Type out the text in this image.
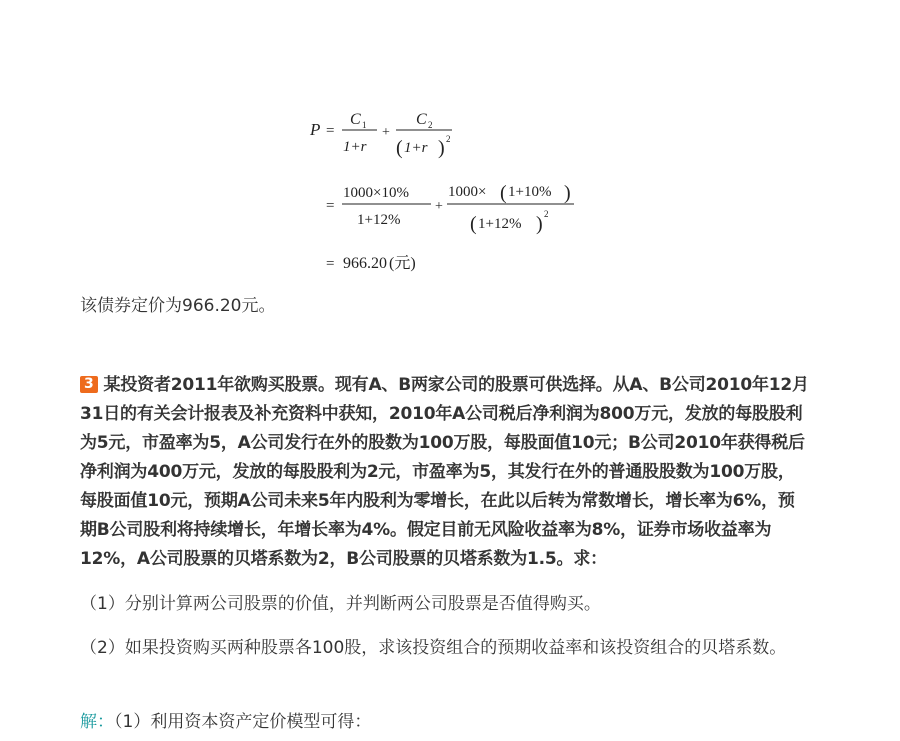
P =
C 1
1+r
+
C 2
( 1+r ) 2
=
1000×10%
1+12%
+
1000× ( 1+10% )
( 1+12% ) 2
= 966.20 (元)

该债券定价为966.20元。

3 某投资者2011年欲购买股票。现有A、B两家公司的股票可供选择。从A、B公司2010年12月31日的有关会计报表及补充资料中获知，2010年A公司税后净利润为800万元，发放的每股股利为5元，市盈率为5，A公司发行在外的股数为100万股，每股面值10元；B公司2010年获得税后净利润为400万元，发放的每股股利为2元，市盈率为5，其发行在外的普通股股数为100万股，每股面值10元，预期A公司未来5年内股利为零增长，在此以后转为常数增长，增长率为6%，预期B公司股利将持续增长，年增长率为4%。假定目前无风险收益率为8%，证券市场收益率为12%，A公司股票的贝塔系数为2，B公司股票的贝塔系数为1.5。求：

（1）分别计算两公司股票的价值，并判断两公司股票是否值得购买。

（2）如果投资购买两种股票各100股，求该投资组合的预期收益率和该投资组合的贝塔系数。

解：（1）利用资本资产定价模型可得：
